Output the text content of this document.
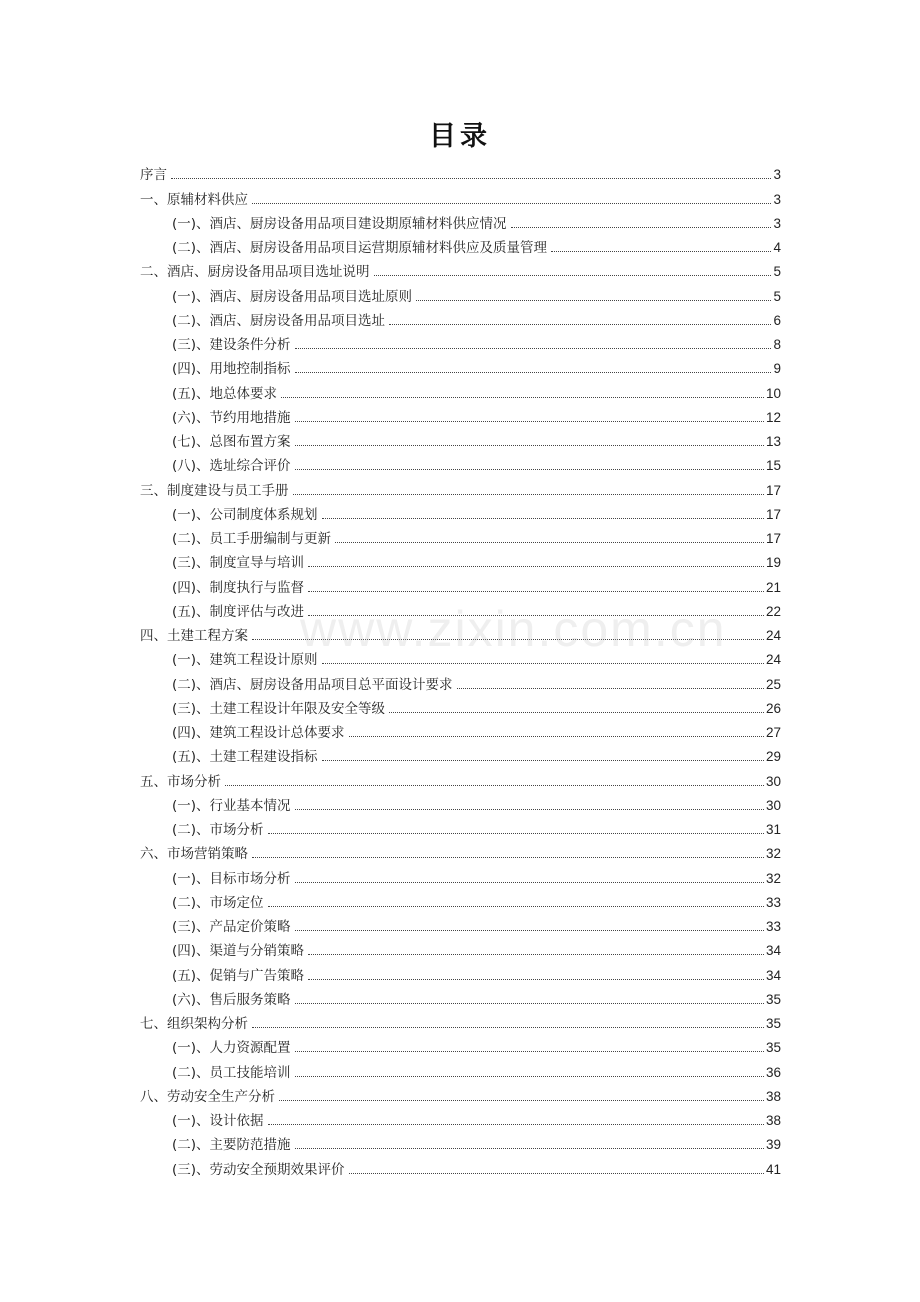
目录
序言	3
一、原辅材料供应	3
(一)、酒店、厨房设备用品项目建设期原辅材料供应情况	3
(二)、酒店、厨房设备用品项目运营期原辅材料供应及质量管理	4
二、酒店、厨房设备用品项目选址说明	5
(一)、酒店、厨房设备用品项目选址原则	5
(二)、酒店、厨房设备用品项目选址	6
(三)、建设条件分析	8
(四)、用地控制指标	9
(五)、地总体要求	10
(六)、节约用地措施	12
(七)、总图布置方案	13
(八)、选址综合评价	15
三、制度建设与员工手册	17
(一)、公司制度体系规划	17
(二)、员工手册编制与更新	17
(三)、制度宣导与培训	19
(四)、制度执行与监督	21
(五)、制度评估与改进	22
四、土建工程方案	24
(一)、建筑工程设计原则	24
(二)、酒店、厨房设备用品项目总平面设计要求	25
(三)、土建工程设计年限及安全等级	26
(四)、建筑工程设计总体要求	27
(五)、土建工程建设指标	29
五、市场分析	30
(一)、行业基本情况	30
(二)、市场分析	31
六、市场营销策略	32
(一)、目标市场分析	32
(二)、市场定位	33
(三)、产品定价策略	33
(四)、渠道与分销策略	34
(五)、促销与广告策略	34
(六)、售后服务策略	35
七、组织架构分析	35
(一)、人力资源配置	35
(二)、员工技能培训	36
八、劳动安全生产分析	38
(一)、设计依据	38
(二)、主要防范措施	39
(三)、劳动安全预期效果评价	41
www.zixin.com.cn
